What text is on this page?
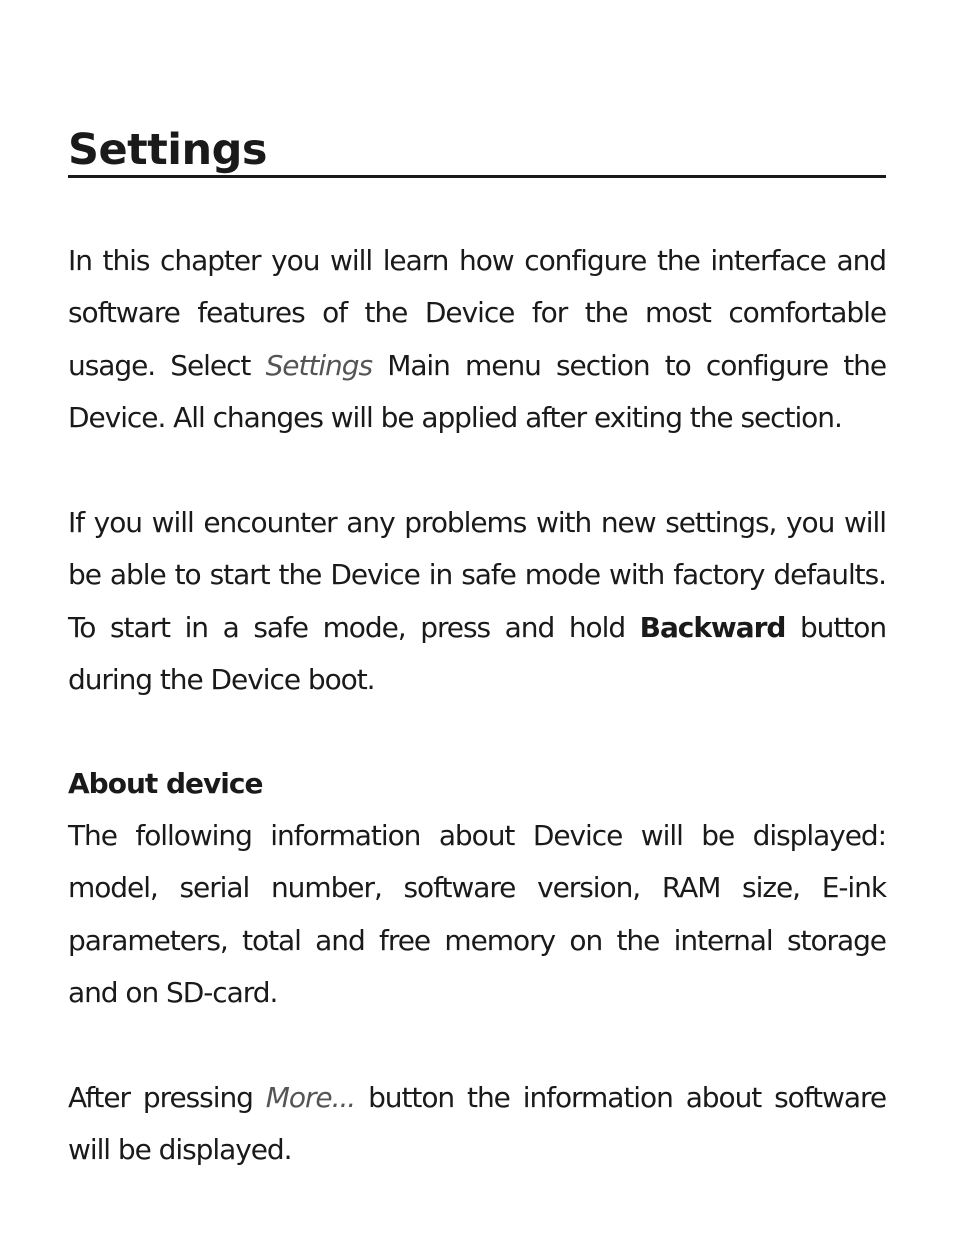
Settings

In this chapter you will learn how configure the interface and software features of the Device for the most comfortable usage. Select Settings Main menu section to configure the Device. All changes will be applied after exiting the section.

If you will encounter any problems with new settings, you will be able to start the Device in safe mode with factory defaults. To start in a safe mode, press and hold Backward button during the Device boot.

About device

The following information about Device will be displayed: model, serial number, software version, RAM size, E-ink parameters, total and free memory on the internal storage and on SD-card.

After pressing More... button the information about software will be displayed.
